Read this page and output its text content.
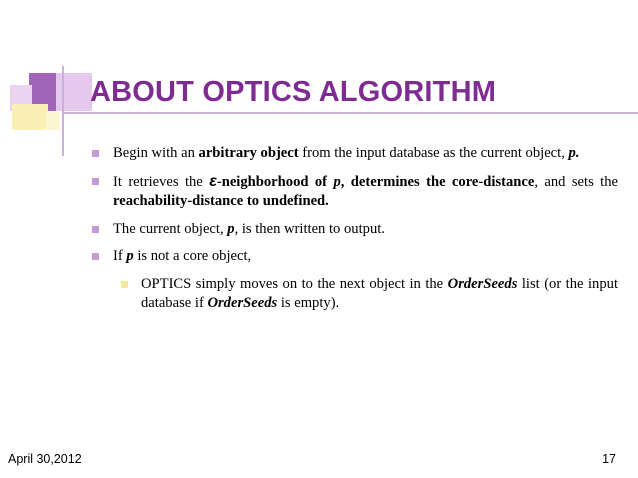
ABOUT OPTICS ALGORITHM
Begin with an arbitrary object from the input database as the current object, p.
It retrieves the ε-neighborhood of p, determines the core-distance, and sets the reachability-distance to undefined.
The current object, p, is then written to output.
If p is not a core object,
OPTICS simply moves on to the next object in the OrderSeeds list (or the input database if OrderSeeds is empty).
April 30,2012	17
